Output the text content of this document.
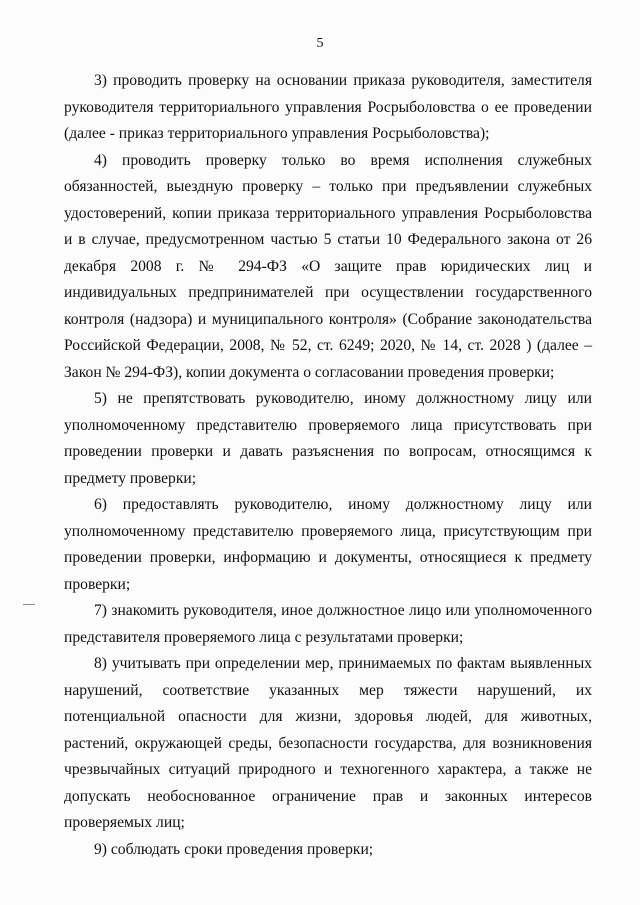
5

3) проводить проверку на основании приказа руководителя, заместителя руководителя территориального управления Росрыболовства о ее проведении (далее - приказ территориального управления Росрыболовства);

4) проводить проверку только во время исполнения служебных обязанностей, выездную проверку – только при предъявлении служебных удостоверений, копии приказа территориального управления Росрыболовства и в случае, предусмотренном частью 5 статьи 10 Федерального закона от 26 декабря 2008 г. № 294-ФЗ «О защите прав юридических лиц и индивидуальных предпринимателей при осуществлении государственного контроля (надзора) и муниципального контроля» (Собрание законодательства Российской Федерации, 2008, № 52, ст. 6249; 2020, № 14, ст. 2028 ) (далее – Закон № 294-ФЗ), копии документа о согласовании проведения проверки;

5) не препятствовать руководителю, иному должностному лицу или уполномоченному представителю проверяемого лица присутствовать при проведении проверки и давать разъяснения по вопросам, относящимся к предмету проверки;

6) предоставлять руководителю, иному должностному лицу или уполномоченному представителю проверяемого лица, присутствующим при проведении проверки, информацию и документы, относящиеся к предмету проверки;

7) знакомить руководителя, иное должностное лицо или уполномоченного представителя проверяемого лица с результатами проверки;

8) учитывать при определении мер, принимаемых по фактам выявленных нарушений, соответствие указанных мер тяжести нарушений, их потенциальной опасности для жизни, здоровья людей, для животных, растений, окружающей среды, безопасности государства, для возникновения чрезвычайных ситуаций природного и техногенного характера, а также не допускать необоснованное ограничение прав и законных интересов проверяемых лиц;

9) соблюдать сроки проведения проверки;
